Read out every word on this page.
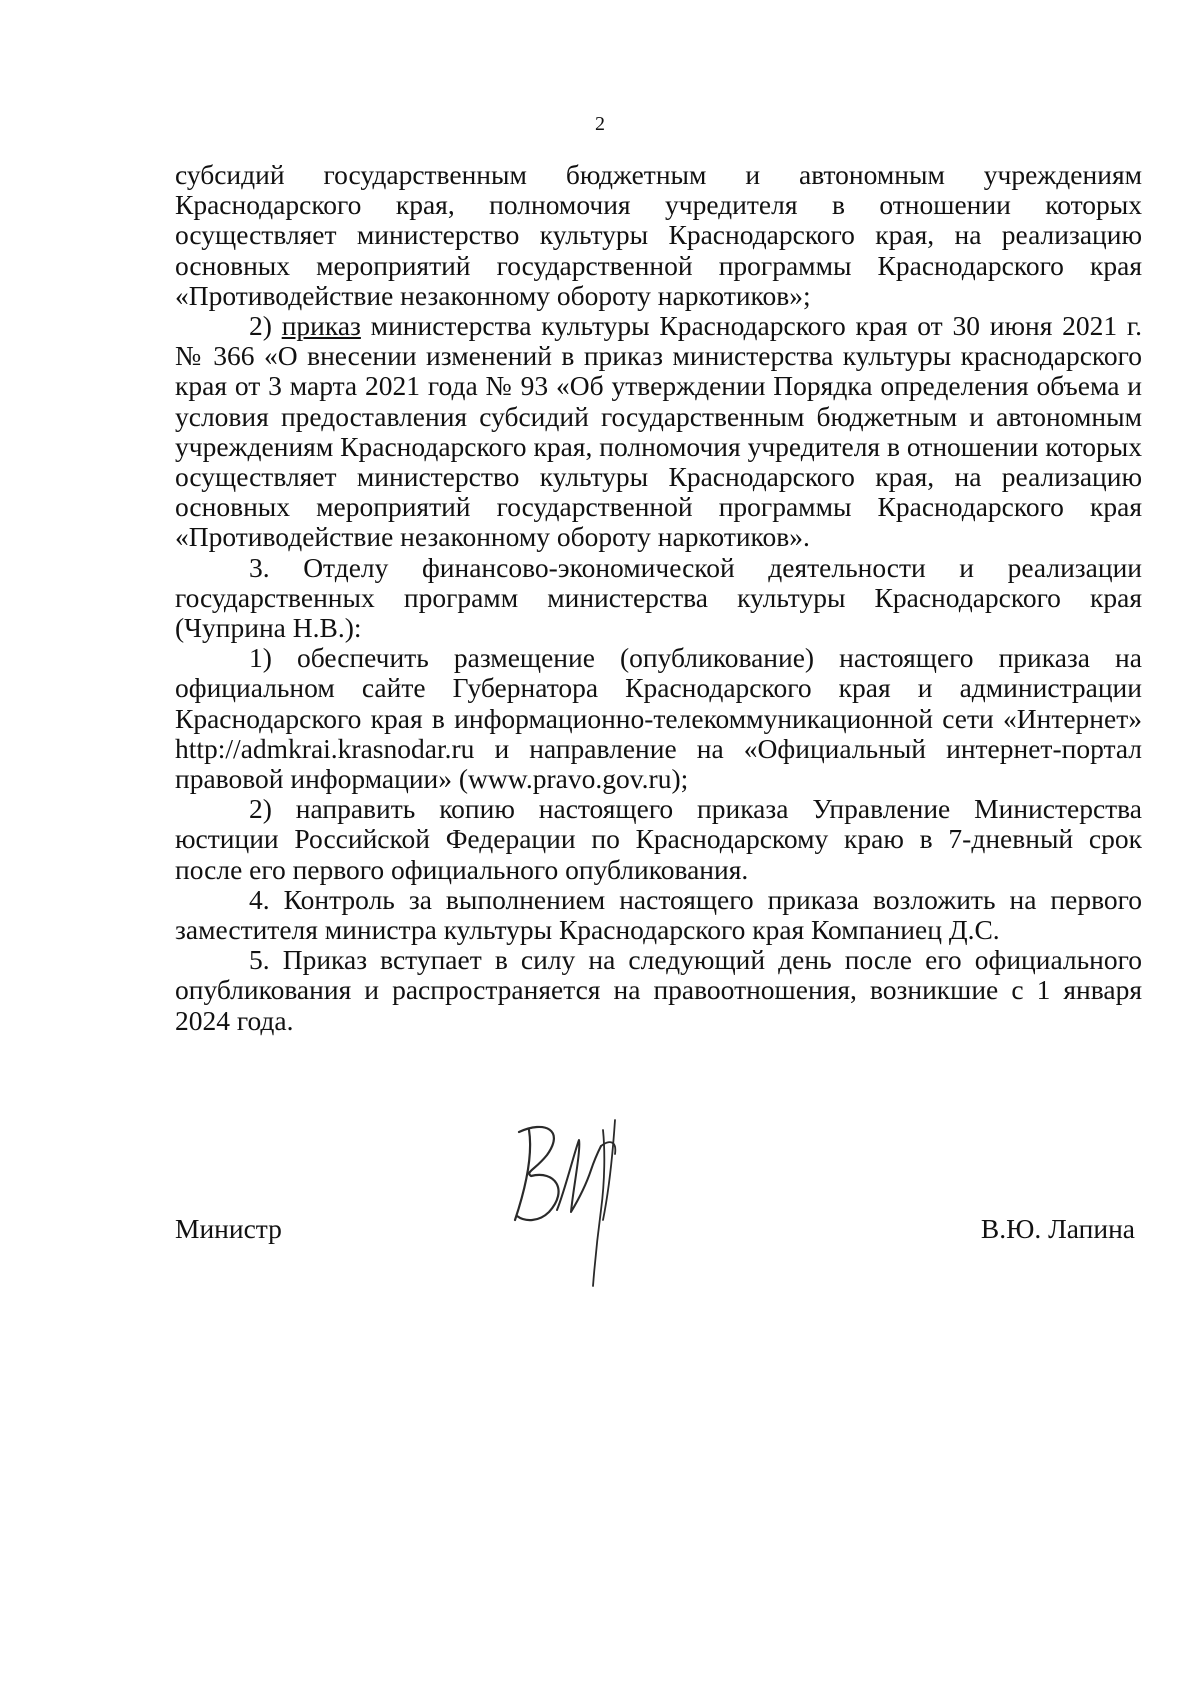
2

субсидий государственным бюджетным и автономным учреждениям Краснодарского края, полномочия учредителя в отношении которых осуществляет министерство культуры Краснодарского края, на реализацию основных мероприятий государственной программы Краснодарского края «Противодействие незаконному обороту наркотиков»;

2) приказ министерства культуры Краснодарского края от 30 июня 2021 г. № 366 «О внесении изменений в приказ министерства культуры краснодарского края от 3 марта 2021 года № 93 «Об утверждении Порядка определения объема и условия предоставления субсидий государственным бюджетным и автономным учреждениям Краснодарского края, полномочия учредителя в отношении которых осуществляет министерство культуры Краснодарского края, на реализацию основных мероприятий государственной программы Краснодарского края «Противодействие незаконному обороту наркотиков».

3. Отделу финансово-экономической деятельности и реализации государственных программ министерства культуры Краснодарского края (Чуприна Н.В.):

1) обеспечить размещение (опубликование) настоящего приказа на официальном сайте Губернатора Краснодарского края и администрации Краснодарского края в информационно-телекоммуникационной сети «Интернет» http://admkrai.krasnodar.ru и направление на «Официальный интернет-портал правовой информации» (www.pravo.gov.ru);

2) направить копию настоящего приказа Управление Министерства юстиции Российской Федерации по Краснодарскому краю в 7-дневный срок после его первого официального опубликования.

4. Контроль за выполнением настоящего приказа возложить на первого заместителя министра культуры Краснодарского края Компаниец Д.С.

5. Приказ вступает в силу на следующий день после его официального опубликования и распространяется на правоотношения, возникшие с 1 января 2024 года.

Министр	В.Ю. Лапина
